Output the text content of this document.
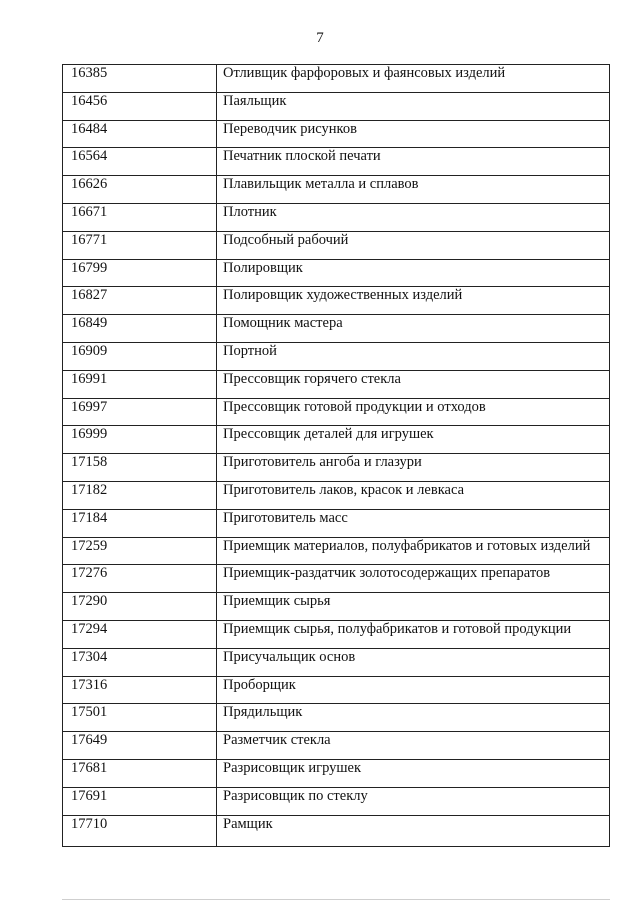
7
16385	Отливщик фарфоровых и фаянсовых изделий
16456	Паяльщик
16484	Переводчик рисунков
16564	Печатник плоской печати
16626	Плавильщик металла и сплавов
16671	Плотник
16771	Подсобный рабочий
16799	Полировщик
16827	Полировщик художественных изделий
16849	Помощник мастера
16909	Портной
16991	Прессовщик горячего стекла
16997	Прессовщик готовой продукции и отходов
16999	Прессовщик деталей для игрушек
17158	Приготовитель ангоба и глазури
17182	Приготовитель лаков, красок и левкаса
17184	Приготовитель масс
17259	Приемщик материалов, полуфабрикатов и готовых изделий
17276	Приемщик-раздатчик золотосодержащих препаратов
17290	Приемщик сырья
17294	Приемщик сырья, полуфабрикатов и готовой продукции
17304	Присучальщик основ
17316	Проборщик
17501	Прядильщик
17649	Разметчик стекла
17681	Разрисовщик игрушек
17691	Разрисовщик по стеклу
17710	Рамщик
